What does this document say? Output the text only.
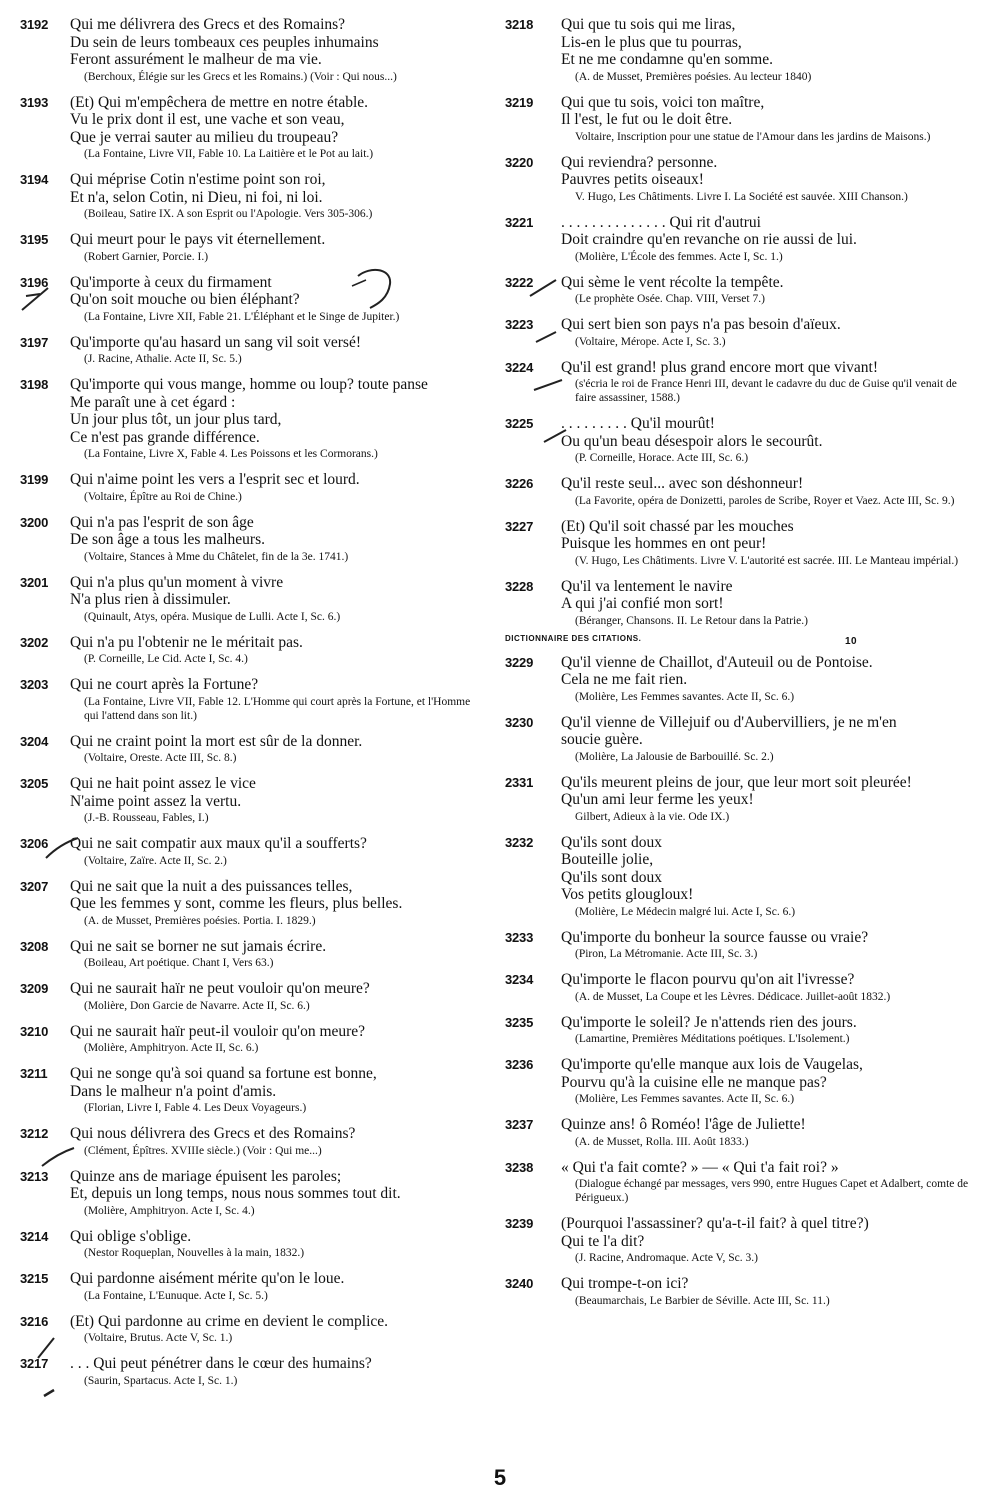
3192 Qui me délivrera des Grecs et des Romains?
Du sein de leurs tombeaux ces peuples inhumains
Feront assurément le malheur de ma vie.
(Berchoux, Élégie sur les Grecs et les Romains.) (Voir : Qui nous...)
3193 (Et) Qui m'empêchera de mettre en notre étable.
Vu le prix dont il est, une vache et son veau,
Que je verrai sauter au milieu du troupeau?
(La Fontaine, Livre VII, Fable 10. La Laitière et le Pot au lait.)
3194 Qui méprise Cotin n'estime point son roi,
Et n'a, selon Cotin, ni Dieu, ni foi, ni loi.
(Boileau, Satire IX. A son Esprit ou l'Apologie. Vers 305-306.)
3195 Qui meurt pour le pays vit éternellement.
(Robert Garnier, Porcie. I.)
3196 Qu'importe à ceux du firmament
Qu'on soit mouche ou bien éléphant?
(La Fontaine, Livre XII, Fable 21. L'Éléphant et le Singe de Jupiter.)
3197 Qu'importe qu'au hasard un sang vil soit versé!
(J. Racine, Athalie. Acte II, Sc. 5.)
3198 Qu'importe qui vous mange, homme ou loup? toute panse
Me paraît une à cet égard :
Un jour plus tôt, un jour plus tard,
Ce n'est pas grande différence.
(La Fontaine, Livre X, Fable 4. Les Poissons et les Cormorans.)
3199 Qui n'aime point les vers a l'esprit sec et lourd.
(Voltaire, Épître au Roi de Chine.)
3200 Qui n'a pas l'esprit de son âge
De son âge a tous les malheurs.
(Voltaire, Stances à Mme du Châtelet, fin de la 3e. 1741.)
3201 Qui n'a plus qu'un moment à vivre
N'a plus rien à dissimuler.
(Quinault, Atys, opéra. Musique de Lulli. Acte I, Sc. 6.)
3202 Qui n'a pu l'obtenir ne le méritait pas.
(P. Corneille, Le Cid. Acte I, Sc. 4.)
3203 Qui ne court après la Fortune?
(La Fontaine, Livre VII, Fable 12. L'Homme qui court après la Fortune, et l'Homme qui l'attend dans son lit.)
3204 Qui ne craint point la mort est sûr de la donner.
(Voltaire, Oreste. Acte III, Sc. 8.)
3205 Qui ne hait point assez le vice
N'aime point assez la vertu.
(J.-B. Rousseau, Fables, I.)
3206 Qui ne sait compatir aux maux qu'il a soufferts?
(Voltaire, Zaïre. Acte II, Sc. 2.)
3207 Qui ne sait que la nuit a des puissances telles,
Que les femmes y sont, comme les fleurs, plus belles.
(A. de Musset, Premières poésies. Portia. I. 1829.)
3208 Qui ne sait se borner ne sut jamais écrire.
(Boileau, Art poétique. Chant I, Vers 63.)
3209 Qui ne saurait haïr ne peut vouloir qu'on meure?
(Molière, Don Garcie de Navarre. Acte II, Sc. 6.)
3210 Qui ne saurait haïr peut-il vouloir qu'on meure?
(Molière, Amphitryon. Acte II, Sc. 6.)
3211 Qui ne songe qu'à soi quand sa fortune est bonne,
Dans le malheur n'a point d'amis.
(Florian, Livre I, Fable 4. Les Deux Voyageurs.)
3212 Qui nous délivrera des Grecs et des Romains?
(Clément, Épîtres. XVIIIe siècle.) (Voir : Qui me...)
3213 Quinze ans de mariage épuisent les paroles;
Et, depuis un long temps, nous nous sommes tout dit.
(Molière, Amphitryon. Acte I, Sc. 4.)
3214 Qui oblige s'oblige.
(Nestor Roqueplan, Nouvelles à la main, 1832.)
3215 Qui pardonne aisément mérite qu'on le loue.
(La Fontaine, L'Eunuque. Acte I, Sc. 5.)
3216 (Et) Qui pardonne au crime en devient le complice.
(Voltaire, Brutus. Acte V, Sc. 1.)
3217 . . . Qui peut pénétrer dans le cœur des humains?
(Saurin, Spartacus. Acte I, Sc. 1.)
3218 Qui que tu sois qui me liras,
Lis-en le plus que tu pourras,
Et ne me condamne qu'en somme.
(A. de Musset, Premières poésies. Au lecteur 1840)
3219 Qui que tu sois, voici ton maître,
Il l'est, le fut ou le doit être.
Voltaire, Inscription pour une statue de l'Amour dans les jardins de Maisons.)
3220 Qui reviendra? personne.
Pauvres petits oiseaux!
V. Hugo, Les Châtiments. Livre I. La Société est sauvée. XIII Chanson.)
3221 . . . . . . . . . . . . . . Qui rit d'autrui
Doit craindre qu'en revanche on rie aussi de lui.
(Molière, L'École des femmes. Acte I, Sc. 1.)
3222 Qui sème le vent récolte la tempête.
(Le prophète Osée. Chap. VIII, Verset 7.)
3223 Qui sert bien son pays n'a pas besoin d'aïeux.
(Voltaire, Mérope. Acte I, Sc. 3.)
3224 Qu'il est grand! plus grand encore mort que vivant!
(s'écria le roi de France Henri III, devant le cadavre du duc de Guise qu'il venait de faire assassiner, 1588.)
3225 . . . . . . . . . Qu'il mourût!
Ou qu'un beau désespoir alors le secourût.
(P. Corneille, Horace. Acte III, Sc. 6.)
3226 Qu'il reste seul... avec son déshonneur!
(La Favorite, opéra de Donizetti, paroles de Scribe, Royer et Vaez. Acte III, Sc. 9.)
3227 (Et) Qu'il soit chassé par les mouches
Puisque les hommes en ont peur!
(V. Hugo, Les Châtiments. Livre V. L'autorité est sacrée. III. Le Manteau impérial.)
3228 Qu'il va lentement le navire
A qui j'ai confié mon sort!
(Béranger, Chansons. II. Le Retour dans la Patrie.)
DICTIONNAIRE DES CITATIONS.	10
3229 Qu'il vienne de Chaillot, d'Auteuil ou de Pontoise.
Cela ne me fait rien.
(Molière, Les Femmes savantes. Acte II, Sc. 6.)
3230 Qu'il vienne de Villejuif ou d'Aubervilliers, je ne m'en
soucie guère.
(Molière, La Jalousie de Barbouillé. Sc. 2.)
2331 Qu'ils meurent pleins de jour, que leur mort soit pleurée!
Qu'un ami leur ferme les yeux!
Gilbert, Adieux à la vie. Ode IX.)
3232 Qu'ils sont doux
Bouteille jolie,
Qu'ils sont doux
Vos petits glougloux!
(Molière, Le Médecin malgré lui. Acte I, Sc. 6.)
3233 Qu'importe du bonheur la source fausse ou vraie?
(Piron, La Métromanie. Acte III, Sc. 3.)
3234 Qu'importe le flacon pourvu qu'on ait l'ivresse?
(A. de Musset, La Coupe et les Lèvres. Dédicace. Juillet-août 1832.)
3235 Qu'importe le soleil? Je n'attends rien des jours.
(Lamartine, Premières Méditations poétiques. L'Isolement.)
3236 Qu'importe qu'elle manque aux lois de Vaugelas,
Pourvu qu'à la cuisine elle ne manque pas?
(Molière, Les Femmes savantes. Acte II, Sc. 6.)
3237 Quinze ans! ô Roméo! l'âge de Juliette!
(A. de Musset, Rolla. III. Août 1833.)
3238 « Qui t'a fait comte? » — « Qui t'a fait roi? »
(Dialogue échangé par messages, vers 990, entre Hugues Capet et Adalbert, comte de Périgueux.)
3239 (Pourquoi l'assassiner? qu'a-t-il fait? à quel titre?)
Qui te l'a dit?
(J. Racine, Andromaque. Acte V, Sc. 3.)
3240 Qui trompe-t-on ici?
(Beaumarchais, Le Barbier de Séville. Acte III, Sc. 11.)
5
